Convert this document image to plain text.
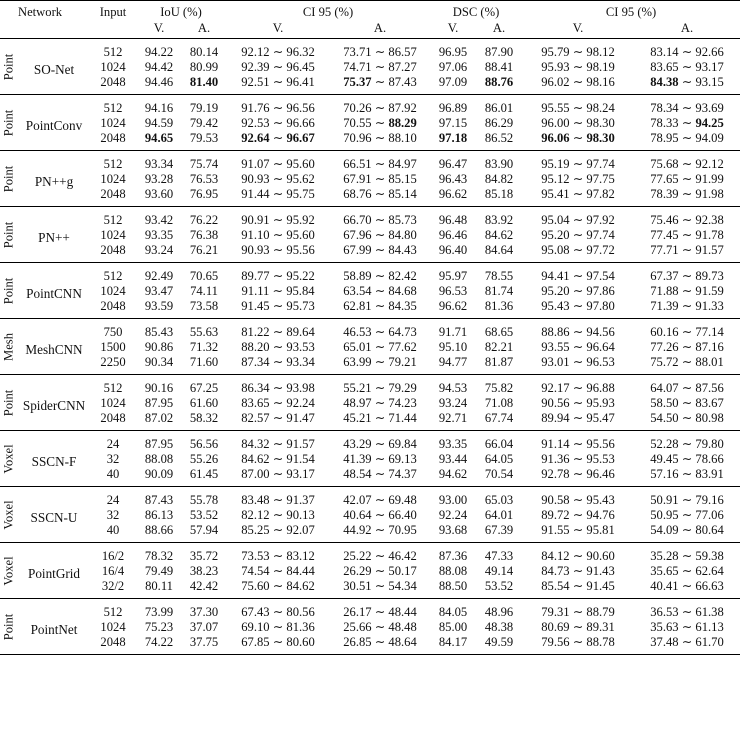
Network		Input	IoU (%)		CI 95 (%)		DSC (%)		CI 95 (%)	
			V.	A.	V.	A.	V.	A.	V.	A.

Point	SO-Net	512	94.22	80.14	92.12 ∼ 96.32	73.71 ∼ 86.57	96.95	87.90	95.79 ∼ 98.12	83.14 ∼ 92.66
		1024	94.42	80.99	92.39 ∼ 96.45	74.71 ∼ 87.27	97.06	88.41	95.93 ∼ 98.19	83.65 ∼ 93.17
		2048	94.46	81.40	92.51 ∼ 96.41	75.37 ∼ 87.43	97.09	88.76	96.02 ∼ 98.16	84.38 ∼ 93.15

Point	PointConv	512	94.16	79.19	91.76 ∼ 96.56	70.26 ∼ 87.92	96.89	86.01	95.55 ∼ 98.24	78.34 ∼ 93.69
		1024	94.59	79.42	92.53 ∼ 96.66	70.55 ∼ 88.29	97.15	86.29	96.00 ∼ 98.30	78.33 ∼ 94.25
		2048	94.65	79.53	92.64 ∼ 96.67	70.96 ∼ 88.10	97.18	86.52	96.06 ∼ 98.30	78.95 ∼ 94.09

Point	PN++g	512	93.34	75.74	91.07 ∼ 95.60	66.51 ∼ 84.97	96.47	83.90	95.19 ∼ 97.74	75.68 ∼ 92.12
		1024	93.28	76.53	90.93 ∼ 95.62	67.91 ∼ 85.15	96.43	84.82	95.12 ∼ 97.75	77.65 ∼ 91.99
		2048	93.60	76.95	91.44 ∼ 95.75	68.76 ∼ 85.14	96.62	85.18	95.41 ∼ 97.82	78.39 ∼ 91.98

Point	PN++	512	93.42	76.22	90.91 ∼ 95.92	66.70 ∼ 85.73	96.48	83.92	95.04 ∼ 97.92	75.46 ∼ 92.38
		1024	93.35	76.38	91.10 ∼ 95.60	67.96 ∼ 84.80	96.46	84.62	95.20 ∼ 97.74	77.45 ∼ 91.78
		2048	93.24	76.21	90.93 ∼ 95.56	67.99 ∼ 84.43	96.40	84.64	95.08 ∼ 97.72	77.71 ∼ 91.57

Point	PointCNN	512	92.49	70.65	89.77 ∼ 95.22	58.89 ∼ 82.42	95.97	78.55	94.41 ∼ 97.54	67.37 ∼ 89.73
		1024	93.47	74.11	91.11 ∼ 95.84	63.54 ∼ 84.68	96.53	81.74	95.20 ∼ 97.86	71.88 ∼ 91.59
		2048	93.59	73.58	91.45 ∼ 95.73	62.81 ∼ 84.35	96.62	81.36	95.43 ∼ 97.80	71.39 ∼ 91.33

Mesh	MeshCNN	750	85.43	55.63	81.22 ∼ 89.64	46.53 ∼ 64.73	91.71	68.65	88.86 ∼ 94.56	60.16 ∼ 77.14
		1500	90.86	71.32	88.20 ∼ 93.53	65.01 ∼ 77.62	95.10	82.21	93.55 ∼ 96.64	77.26 ∼ 87.16
		2250	90.34	71.60	87.34 ∼ 93.34	63.99 ∼ 79.21	94.77	81.87	93.01 ∼ 96.53	75.72 ∼ 88.01

Point	SpiderCNN	512	90.16	67.25	86.34 ∼ 93.98	55.21 ∼ 79.29	94.53	75.82	92.17 ∼ 96.88	64.07 ∼ 87.56
		1024	87.95	61.60	83.65 ∼ 92.24	48.97 ∼ 74.23	93.24	71.08	90.56 ∼ 95.93	58.50 ∼ 83.67
		2048	87.02	58.32	82.57 ∼ 91.47	45.21 ∼ 71.44	92.71	67.74	89.94 ∼ 95.47	54.50 ∼ 80.98

Voxel	SSCN-F	24	87.95	56.56	84.32 ∼ 91.57	43.29 ∼ 69.84	93.35	66.04	91.14 ∼ 95.56	52.28 ∼ 79.80
		32	88.08	55.26	84.62 ∼ 91.54	41.39 ∼ 69.13	93.44	64.05	91.36 ∼ 95.53	49.45 ∼ 78.66
		40	90.09	61.45	87.00 ∼ 93.17	48.54 ∼ 74.37	94.62	70.54	92.78 ∼ 96.46	57.16 ∼ 83.91

Voxel	SSCN-U	24	87.43	55.78	83.48 ∼ 91.37	42.07 ∼ 69.48	93.00	65.03	90.58 ∼ 95.43	50.91 ∼ 79.16
		32	86.13	53.52	82.12 ∼ 90.13	40.64 ∼ 66.40	92.24	64.01	89.72 ∼ 94.76	50.95 ∼ 77.06
		40	88.66	57.94	85.25 ∼ 92.07	44.92 ∼ 70.95	93.68	67.39	91.55 ∼ 95.81	54.09 ∼ 80.64

Voxel	PointGrid	16/2	78.32	35.72	73.53 ∼ 83.12	25.22 ∼ 46.42	87.36	47.33	84.12 ∼ 90.60	35.28 ∼ 59.38
		16/4	79.49	38.23	74.54 ∼ 84.44	26.29 ∼ 50.17	88.08	49.14	84.73 ∼ 91.43	35.65 ∼ 62.64
		32/2	80.11	42.42	75.60 ∼ 84.62	30.51 ∼ 54.34	88.50	53.52	85.54 ∼ 91.45	40.41 ∼ 66.63

Point	PointNet	512	73.99	37.30	67.43 ∼ 80.56	26.17 ∼ 48.44	84.05	48.96	79.31 ∼ 88.79	36.53 ∼ 61.38
		1024	75.23	37.07	69.10 ∼ 81.36	25.66 ∼ 48.48	85.00	48.38	80.69 ∼ 89.31	35.63 ∼ 61.13
		2048	74.22	37.75	67.85 ∼ 80.60	26.85 ∼ 48.64	84.17	49.59	79.56 ∼ 88.78	37.48 ∼ 61.70
